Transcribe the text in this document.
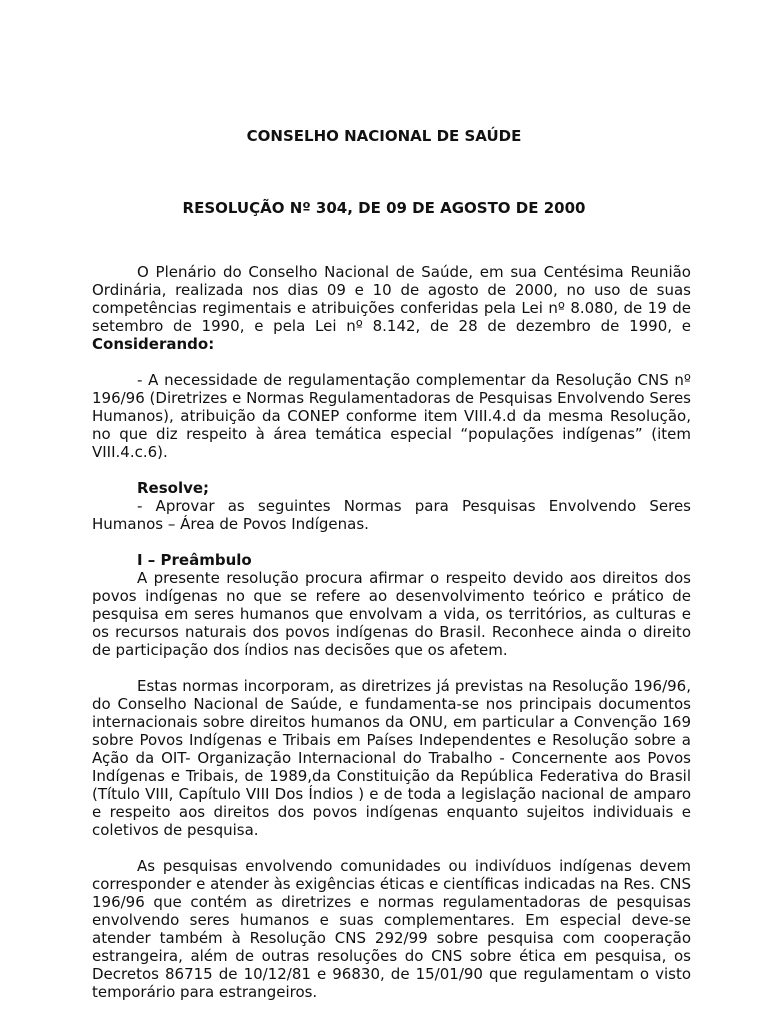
CONSELHO NACIONAL DE SAÚDE
RESOLUÇÃO Nº 304, DE 09 DE AGOSTO DE 2000

O Plenário do Conselho Nacional de Saúde, em sua Centésima Reunião Ordinária, realizada nos dias 09 e 10 de agosto de 2000, no uso de suas competências regimentais e atribuições conferidas pela Lei nº 8.080, de 19 de setembro de 1990, e pela Lei nº 8.142, de 28 de dezembro de 1990, e Considerando:

- A necessidade de regulamentação complementar da Resolução CNS nº 196/96 (Diretrizes e Normas Regulamentadoras de Pesquisas Envolvendo Seres Humanos), atribuição da CONEP conforme item VIII.4.d da mesma Resolução, no que diz respeito à área temática especial “populações indígenas” (item VIII.4.c.6).

Resolve;

- Aprovar as seguintes Normas para Pesquisas Envolvendo Seres Humanos – Área de Povos Indígenas.

I – Preâmbulo

A presente resolução procura afirmar o respeito devido aos direitos dos povos indígenas no que se refere ao desenvolvimento teórico e prático de pesquisa em seres humanos que envolvam a vida, os territórios, as culturas e os recursos naturais dos povos indígenas do Brasil. Reconhece ainda o direito de participação dos índios nas decisões que os afetem.

Estas normas incorporam, as diretrizes já previstas na Resolução 196/96, do Conselho Nacional de Saúde, e fundamenta-se nos principais documentos internacionais sobre direitos humanos da ONU, em particular a Convenção 169 sobre Povos Indígenas e Tribais em Países Independentes e Resolução sobre a Ação da OIT- Organização Internacional do Trabalho - Concernente aos Povos Indígenas e Tribais, de 1989,da Constituição da República Federativa do Brasil (Título VIII, Capítulo VIII Dos Índios ) e de toda a legislação nacional de amparo e respeito aos direitos dos povos indígenas enquanto sujeitos individuais e coletivos de pesquisa.

As pesquisas envolvendo comunidades ou indivíduos indígenas devem corresponder e atender às exigências éticas e científicas indicadas na Res. CNS 196/96 que contém as diretrizes e normas regulamentadoras de pesquisas envolvendo seres humanos e suas complementares. Em especial deve-se atender também à Resolução CNS 292/99 sobre pesquisa com cooperação estrangeira, além de outras resoluções do CNS sobre ética em pesquisa, os Decretos 86715 de 10/12/81 e 96830, de 15/01/90 que regulamentam o visto temporário para estrangeiros.
